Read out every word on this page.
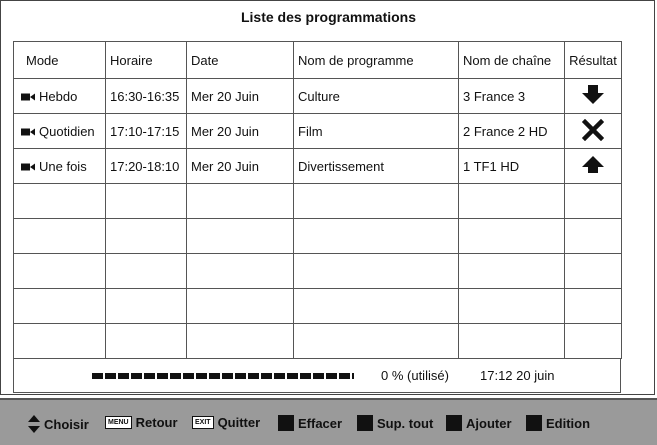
Liste des programmations
Mode	Horaire	Date	Nom de programme	Nom de chaîne	Résultat
Hebdo	16:30-16:35	Mer 20 Juin	Culture	3 France 3	
Quotidien	17:10-17:15	Mer 20 Juin	Film	2 France 2 HD	
Une fois	17:20-18:10	Mer 20 Juin	Divertissement	1 TF1 HD	

0 % (utilisé) 17:12 20 juin
Choisir	MENU Retour	EXIT Quitter	Effacer	Sup. tout	Ajouter	Edition
